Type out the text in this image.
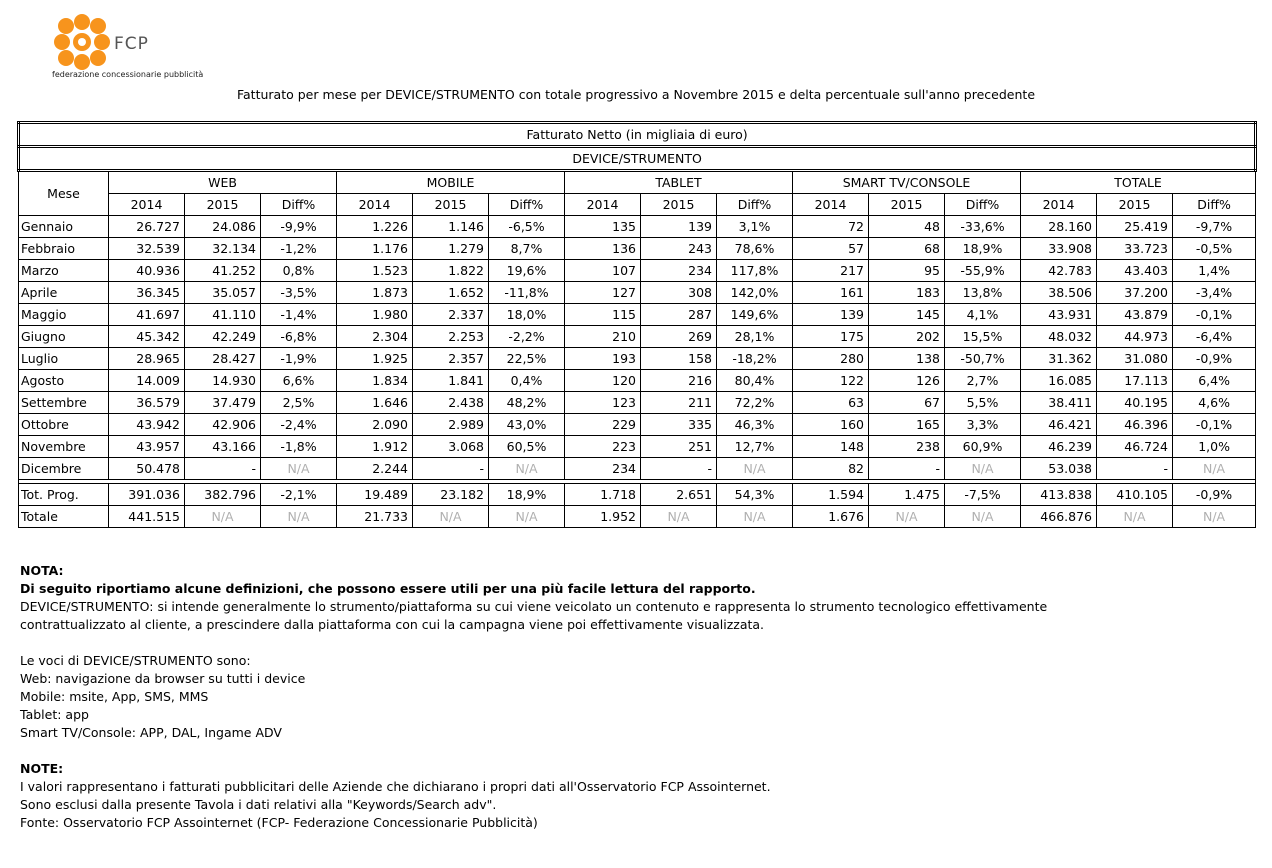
FCP
federazione concessionarie pubblicità
Fatturato per mese per DEVICE/STRUMENTO con totale progressivo a Novembre 2015 e delta percentuale sull'anno precedente
Fatturato Netto (in migliaia di euro)															
DEVICE/STRUMENTO															
Mese	WEB			MOBILE			TABLET			SMART TV/CONSOLE			TOTALE		
	2014	2015	Diff%	2014	2015	Diff%	2014	2015	Diff%	2014	2015	Diff%	2014	2015	Diff%
Gennaio	26.727	24.086	-9,9%	1.226	1.146	-6,5%	135	139	3,1%	72	48	-33,6%	28.160	25.419	-9,7%
Febbraio	32.539	32.134	-1,2%	1.176	1.279	8,7%	136	243	78,6%	57	68	18,9%	33.908	33.723	-0,5%
Marzo	40.936	41.252	0,8%	1.523	1.822	19,6%	107	234	117,8%	217	95	-55,9%	42.783	43.403	1,4%
Aprile	36.345	35.057	-3,5%	1.873	1.652	-11,8%	127	308	142,0%	161	183	13,8%	38.506	37.200	-3,4%
Maggio	41.697	41.110	-1,4%	1.980	2.337	18,0%	115	287	149,6%	139	145	4,1%	43.931	43.879	-0,1%
Giugno	45.342	42.249	-6,8%	2.304	2.253	-2,2%	210	269	28,1%	175	202	15,5%	48.032	44.973	-6,4%
Luglio	28.965	28.427	-1,9%	1.925	2.357	22,5%	193	158	-18,2%	280	138	-50,7%	31.362	31.080	-0,9%
Agosto	14.009	14.930	6,6%	1.834	1.841	0,4%	120	216	80,4%	122	126	2,7%	16.085	17.113	6,4%
Settembre	36.579	37.479	2,5%	1.646	2.438	48,2%	123	211	72,2%	63	67	5,5%	38.411	40.195	4,6%
Ottobre	43.942	42.906	-2,4%	2.090	2.989	43,0%	229	335	46,3%	160	165	3,3%	46.421	46.396	-0,1%
Novembre	43.957	43.166	-1,8%	1.912	3.068	60,5%	223	251	12,7%	148	238	60,9%	46.239	46.724	1,0%
Dicembre	50.478	-	N/A	2.244	-	N/A	234	-	N/A	82	-	N/A	53.038	-	N/A

Tot. Prog.	391.036	382.796	-2,1%	19.489	23.182	18,9%	1.718	2.651	54,3%	1.594	1.475	-7,5%	413.838	410.105	-0,9%
Totale	441.515	N/A	N/A	21.733	N/A	N/A	1.952	N/A	N/A	1.676	N/A	N/A	466.876	N/A	N/A

NOTA:

Di seguito riportiamo alcune definizioni, che possono essere utili per una più facile lettura del rapporto.

DEVICE/STRUMENTO: si intende generalmente lo strumento/piattaforma su cui viene veicolato un contenuto e rappresenta lo strumento tecnologico effettivamente

contrattualizzato al cliente, a prescindere dalla piattaforma con cui la campagna viene poi effettivamente visualizzata.

Le voci di DEVICE/STRUMENTO sono:

Web: navigazione da browser su tutti i device

Mobile: msite, App, SMS, MMS

Tablet: app

Smart TV/Console: APP, DAL, Ingame ADV

NOTE:

I valori rappresentano i fatturati pubblicitari delle Aziende che dichiarano i propri dati all'Osservatorio FCP Assointernet.

Sono esclusi dalla presente Tavola i dati relativi alla "Keywords/Search adv".

Fonte: Osservatorio FCP Assointernet (FCP- Federazione Concessionarie Pubblicità)
